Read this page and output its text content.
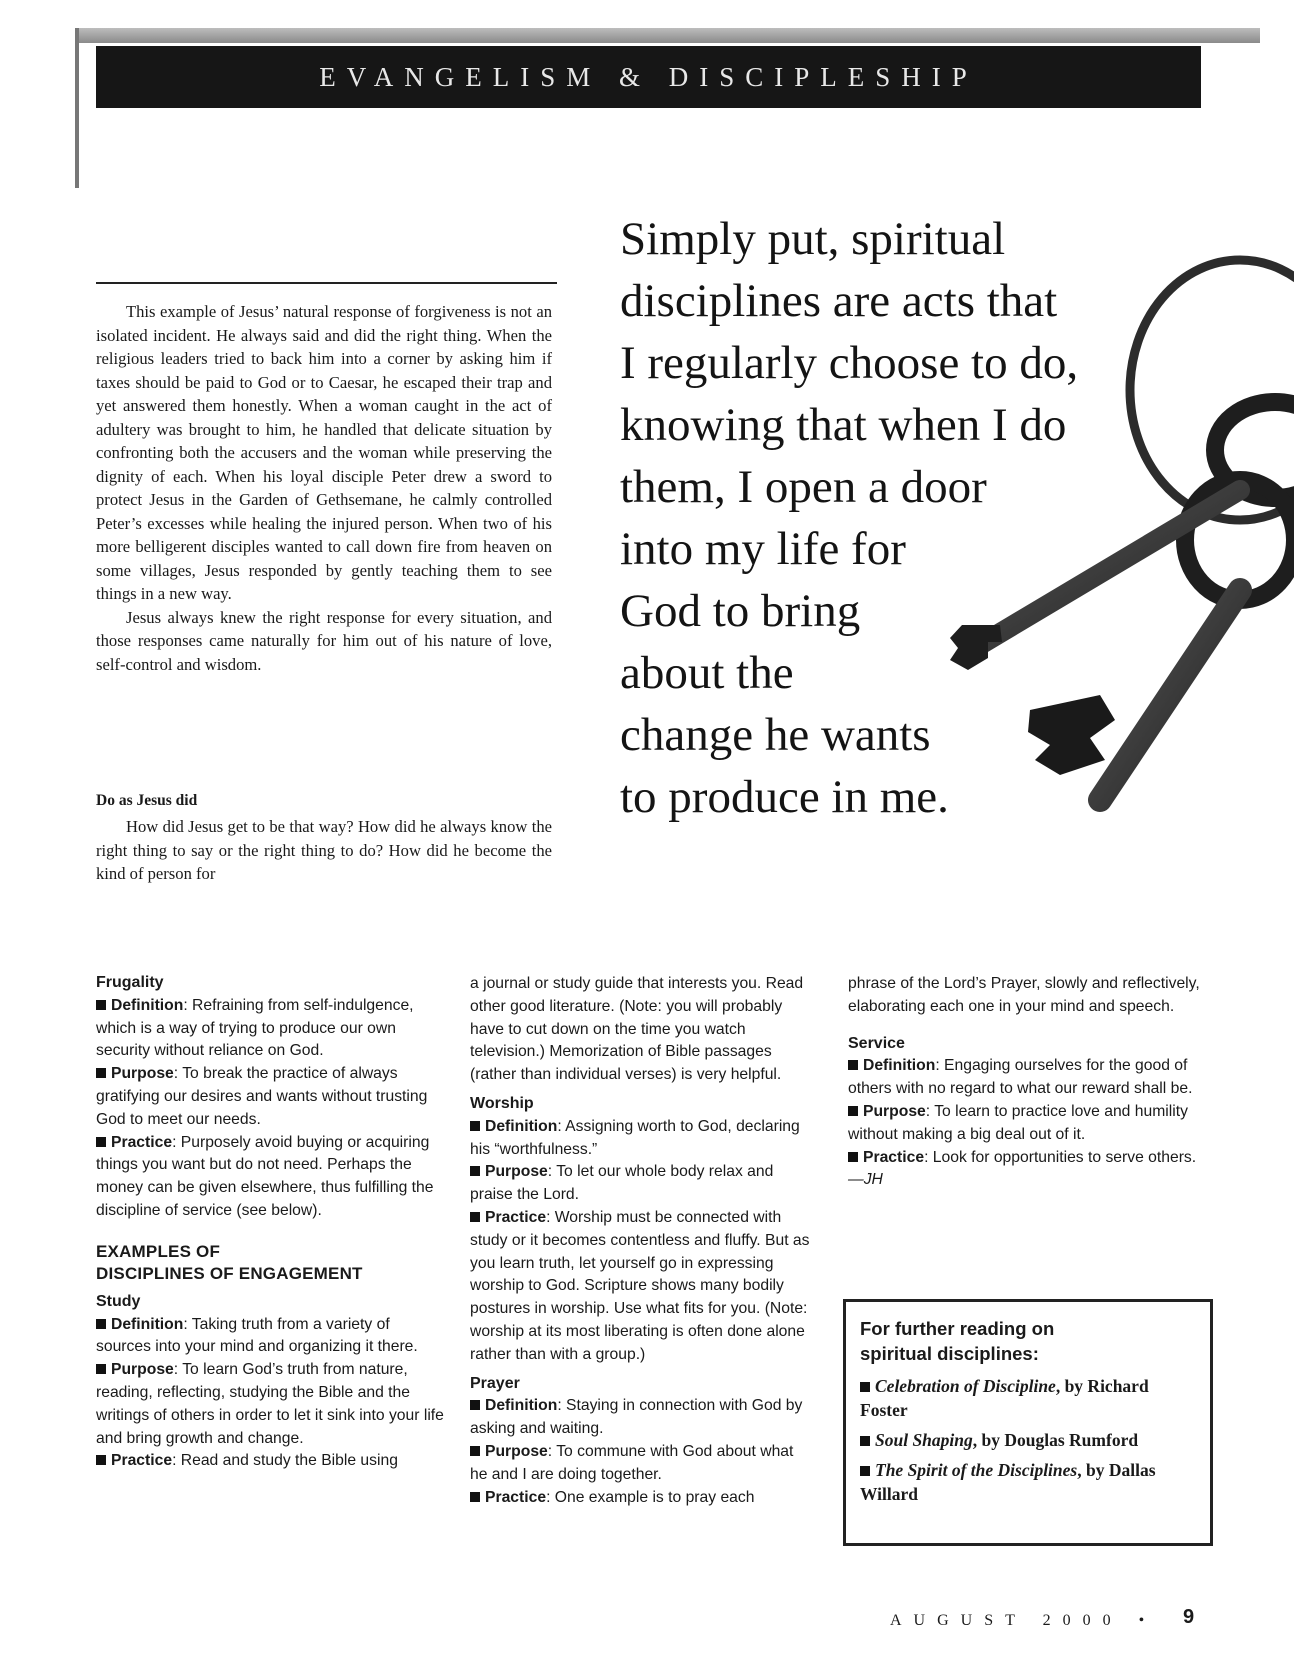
EVANGELISM & DISCIPLESHIP

This example of Jesus’ natural response of forgiveness is not an isolated incident. He always said and did the right thing. When the religious leaders tried to back him into a corner by asking him if taxes should be paid to God or to Caesar, he escaped their trap and yet answered them honestly. When a woman caught in the act of adultery was brought to him, he handled that delicate situation by confronting both the accusers and the woman while preserving the dignity of each. When his loyal disciple Peter drew a sword to protect Jesus in the Garden of Gethsemane, he calmly controlled Peter’s excesses while healing the injured person. When two of his more belligerent disciples wanted to call down fire from heaven on some villages, Jesus responded by gently teaching them to see things in a new way.

Jesus always knew the right response for every situation, and those responses came naturally for him out of his nature of love, self-control and wisdom.

Do as Jesus did

How did Jesus get to be that way? How did he always know the right thing to say or the right thing to do? How did he become the kind of person for

Simply put, spiritual
disciplines are acts that
I regularly choose to do,
knowing that when I do
them, I open a door
into my life for
God to bring
about the
change he wants
to produce in me.
Frugality

Definition: Refraining from self-indulgence, which is a way of trying to produce our own security without reliance on God.

Purpose: To break the practice of always gratifying our desires and wants without trusting God to meet our needs.

Practice: Purposely avoid buying or acquiring things you want but do not need. Perhaps the money can be given elsewhere, thus fulfilling the discipline of service (see below).

EXAMPLES OF
DISCIPLINES OF ENGAGEMENT
Study

Definition: Taking truth from a variety of sources into your mind and organizing it there.

Purpose: To learn God’s truth from nature, reading, reflecting, studying the Bible and the writings of others in order to let it sink into your life and bring growth and change.

Practice: Read and study the Bible using

a journal or study guide that interests you. Read other good literature. (Note: you will probably have to cut down on the time you watch television.) Memorization of Bible passages (rather than individual verses) is very helpful.

Worship

Definition: Assigning worth to God, declaring his “worthfulness.”

Purpose: To let our whole body relax and praise the Lord.

Practice: Worship must be connected with study or it becomes contentless and fluffy. But as you learn truth, let yourself go in expressing worship to God. Scripture shows many bodily postures in worship. Use what fits for you. (Note: worship at its most liberating is often done alone rather than with a group.)

Prayer

Definition: Staying in connection with God by asking and waiting.

Purpose: To commune with God about what he and I are doing together.

Practice: One example is to pray each

phrase of the Lord’s Prayer, slowly and reflectively, elaborating each one in your mind and speech.

Service

Definition: Engaging ourselves for the good of others with no regard to what our reward shall be.

Purpose: To learn to practice love and humility without making a big deal out of it.

Practice: Look for opportunities to serve others. —JH

For further reading on
spiritual disciplines:
Celebration of Discipline, by Richard Foster
Soul Shaping, by Douglas Rumford
The Spirit of the Disciplines, by Dallas Willard
AUGUST 2000 • 9
